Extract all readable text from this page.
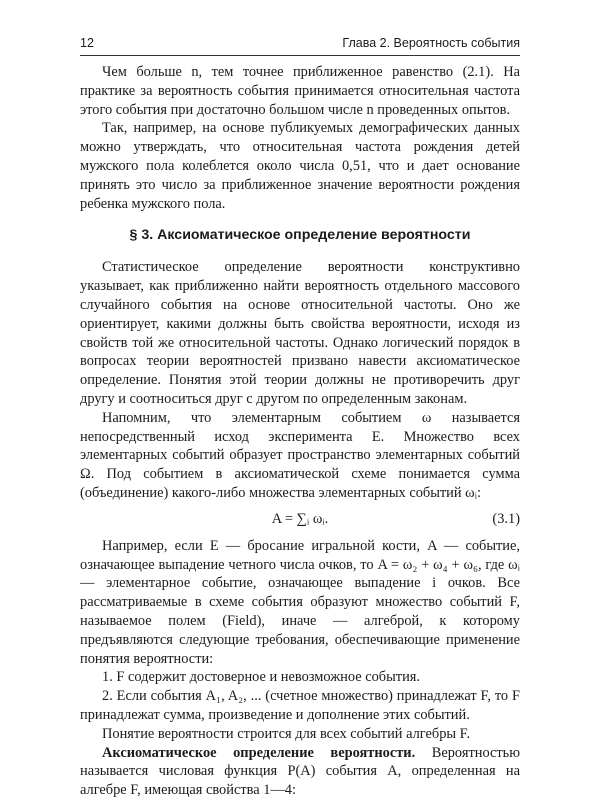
12	Глава 2. Вероятность события

Чем больше n, тем точнее приближенное равенство (2.1). На практике за вероятность события принимается относительная частота этого события при достаточно большом числе n проведенных опытов.

Так, например, на основе публикуемых демографических данных можно утверждать, что относительная частота рождения детей мужского пола колеблется около числа 0,51, что и дает основание принять это число за приближенное значение вероятности рождения ребенка мужского пола.

§ 3. Аксиоматическое определение вероятности

Статистическое определение вероятности конструктивно указывает, как приближенно найти вероятность отдельного массового случайного события на основе относительной частоты. Оно же ориентирует, какими должны быть свойства вероятности, исходя из свойств той же относительной частоты. Однако логический порядок в вопросах теории вероятностей призвано навести аксиоматическое определение. Понятия этой теории должны не противоречить друг другу и соотноситься друг с другом по определенным законам.

Напомним, что элементарным событием ω называется непосредственный исход эксперимента E. Множество всех элементарных событий образует пространство элементарных событий Ω. Под событием в аксиоматической схеме понимается сумма (объединение) какого-либо множества элементарных событий ωᵢ:

A = ∑ᵢ ωᵢ.	(3.1)

Например, если E — бросание игральной кости, A — событие, означающее выпадение четного числа очков, то A = ω₂ + ω₄ + ω₆, где ωᵢ — элементарное событие, означающее выпадение i очков. Все рассматриваемые в схеме события образуют множество событий F, называемое полем (Field), иначе — алгеброй, к которому предъявляются следующие требования, обеспечивающие применение понятия вероятности:

1. F содержит достоверное и невозможное события.

2. Если события A₁, A₂, ... (счетное множество) принадлежат F, то F принадлежат сумма, произведение и дополнение этих событий.

Понятие вероятности строится для всех событий алгебры F.

Аксиоматическое определение вероятности. Вероятностью называется числовая функция P(A) события A, определенная на алгебре F, имеющая свойства 1—4:
